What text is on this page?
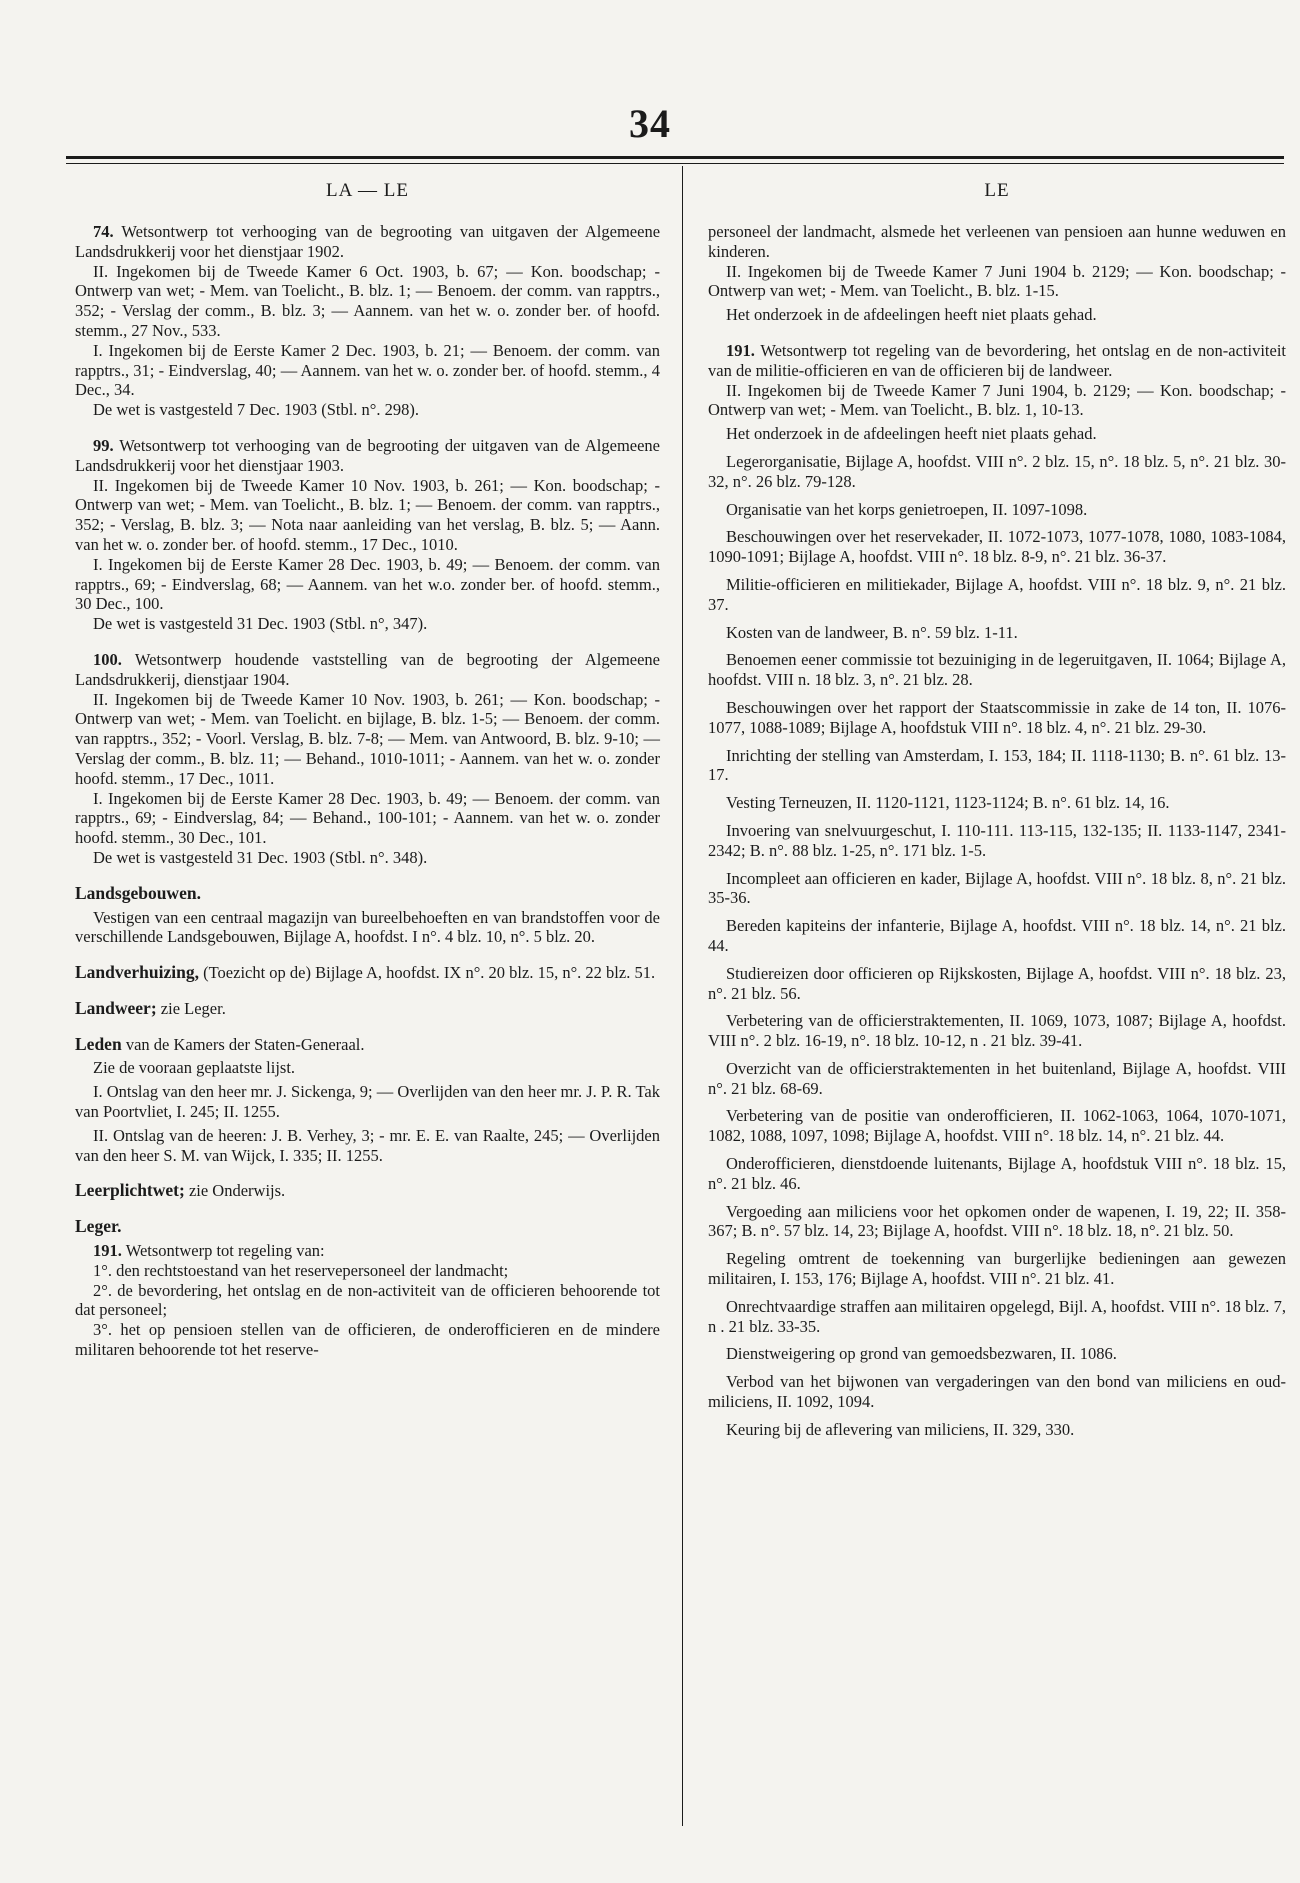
34
LA — LE

74. Wetsontwerp tot verhooging van de begrooting van uitgaven der Algemeene Landsdrukkerij voor het dienstjaar 1902.

II. Ingekomen bij de Tweede Kamer 6 Oct. 1903, b. 67; — Kon. boodschap; - Ontwerp van wet; - Mem. van Toelicht., B. blz. 1; — Benoem. der comm. van rapptrs., 352; - Verslag der comm., B. blz. 3; — Aannem. van het w. o. zonder ber. of hoofd. stemm., 27 Nov., 533.

I. Ingekomen bij de Eerste Kamer 2 Dec. 1903, b. 21; — Benoem. der comm. van rapptrs., 31; - Eindverslag, 40; — Aannem. van het w. o. zonder ber. of hoofd. stemm., 4 Dec., 34.

De wet is vastgesteld 7 Dec. 1903 (Stbl. n°. 298).

99. Wetsontwerp tot verhooging van de begrooting der uitgaven van de Algemeene Landsdrukkerij voor het dienstjaar 1903.

II. Ingekomen bij de Tweede Kamer 10 Nov. 1903, b. 261; — Kon. boodschap; - Ontwerp van wet; - Mem. van Toelicht., B. blz. 1; — Benoem. der comm. van rapptrs., 352; - Verslag, B. blz. 3; — Nota naar aanleiding van het verslag, B. blz. 5; — Aann. van het w. o. zonder ber. of hoofd. stemm., 17 Dec., 1010.

I. Ingekomen bij de Eerste Kamer 28 Dec. 1903, b. 49; — Benoem. der comm. van rapptrs., 69; - Eindverslag, 68; — Aannem. van het w.o. zonder ber. of hoofd. stemm., 30 Dec., 100.

De wet is vastgesteld 31 Dec. 1903 (Stbl. n°, 347).

100. Wetsontwerp houdende vaststelling van de begrooting der Algemeene Landsdrukkerij, dienstjaar 1904.

II. Ingekomen bij de Tweede Kamer 10 Nov. 1903, b. 261; — Kon. boodschap; - Ontwerp van wet; - Mem. van Toelicht. en bijlage, B. blz. 1-5; — Benoem. der comm. van rapptrs., 352; - Voorl. Verslag, B. blz. 7-8; — Mem. van Antwoord, B. blz. 9-10; — Verslag der comm., B. blz. 11; — Behand., 1010-1011; - Aannem. van het w. o. zonder hoofd. stemm., 17 Dec., 1011.

I. Ingekomen bij de Eerste Kamer 28 Dec. 1903, b. 49; — Benoem. der comm. van rapptrs., 69; - Eindverslag, 84; — Behand., 100-101; - Aannem. van het w. o. zonder hoofd. stemm., 30 Dec., 101.

De wet is vastgesteld 31 Dec. 1903 (Stbl. n°. 348).

Landsgebouwen.

Vestigen van een centraal magazijn van bureelbehoeften en van brandstoffen voor de verschillende Landsgebouwen, Bijlage A, hoofdst. I n°. 4 blz. 10, n°. 5 blz. 20.

Landverhuizing, (Toezicht op de) Bijlage A, hoofdst. IX n°. 20 blz. 15, n°. 22 blz. 51.

Landweer; zie Leger.

Leden van de Kamers der Staten-Generaal.

Zie de vooraan geplaatste lijst.

I. Ontslag van den heer mr. J. Sickenga, 9; — Overlijden van den heer mr. J. P. R. Tak van Poortvliet, I. 245; II. 1255.

II. Ontslag van de heeren: J. B. Verhey, 3; - mr. E. E. van Raalte, 245; — Overlijden van den heer S. M. van Wijck, I. 335; II. 1255.

Leerplichtwet; zie Onderwijs.

Leger.

191. Wetsontwerp tot regeling van:

1°. den rechtstoestand van het reservepersoneel der landmacht;

2°. de bevordering, het ontslag en de non-activiteit van de officieren behoorende tot dat personeel;

3°. het op pensioen stellen van de officieren, de onderofficieren en de mindere militaren behoorende tot het reserve-

LE

personeel der landmacht, alsmede het verleenen van pensioen aan hunne weduwen en kinderen.

II. Ingekomen bij de Tweede Kamer 7 Juni 1904 b. 2129; — Kon. boodschap; - Ontwerp van wet; - Mem. van Toelicht., B. blz. 1-15.

Het onderzoek in de afdeelingen heeft niet plaats gehad.

191. Wetsontwerp tot regeling van de bevordering, het ontslag en de non-activiteit van de militie-officieren en van de officieren bij de landweer.

II. Ingekomen bij de Tweede Kamer 7 Juni 1904, b. 2129; — Kon. boodschap; - Ontwerp van wet; - Mem. van Toelicht., B. blz. 1, 10-13.

Het onderzoek in de afdeelingen heeft niet plaats gehad.

Legerorganisatie, Bijlage A, hoofdst. VIII n°. 2 blz. 15, n°. 18 blz. 5, n°. 21 blz. 30-32, n°. 26 blz. 79-128.

Organisatie van het korps genietroepen, II. 1097-1098.

Beschouwingen over het reservekader, II. 1072-1073, 1077-1078, 1080, 1083-1084, 1090-1091; Bijlage A, hoofdst. VIII n°. 18 blz. 8-9, n°. 21 blz. 36-37.

Militie-officieren en militiekader, Bijlage A, hoofdst. VIII n°. 18 blz. 9, n°. 21 blz. 37.

Kosten van de landweer, B. n°. 59 blz. 1-11.

Benoemen eener commissie tot bezuiniging in de legeruitgaven, II. 1064; Bijlage A, hoofdst. VIII n. 18 blz. 3, n°. 21 blz. 28.

Beschouwingen over het rapport der Staatscommissie in zake de 14 ton, II. 1076-1077, 1088-1089; Bijlage A, hoofdstuk VIII n°. 18 blz. 4, n°. 21 blz. 29-30.

Inrichting der stelling van Amsterdam, I. 153, 184; II. 1118-1130; B. n°. 61 blz. 13-17.

Vesting Terneuzen, II. 1120-1121, 1123-1124; B. n°. 61 blz. 14, 16.

Invoering van snelvuurgeschut, I. 110-111. 113-115, 132-135; II. 1133-1147, 2341-2342; B. n°. 88 blz. 1-25, n°. 171 blz. 1-5.

Incompleet aan officieren en kader, Bijlage A, hoofdst. VIII n°. 18 blz. 8, n°. 21 blz. 35-36.

Bereden kapiteins der infanterie, Bijlage A, hoofdst. VIII n°. 18 blz. 14, n°. 21 blz. 44.

Studiereizen door officieren op Rijkskosten, Bijlage A, hoofdst. VIII n°. 18 blz. 23, n°. 21 blz. 56.

Verbetering van de officierstraktementen, II. 1069, 1073, 1087; Bijlage A, hoofdst. VIII n°. 2 blz. 16-19, n°. 18 blz. 10-12, n . 21 blz. 39-41.

Overzicht van de officierstraktementen in het buitenland, Bijlage A, hoofdst. VIII n°. 21 blz. 68-69.

Verbetering van de positie van onderofficieren, II. 1062-1063, 1064, 1070-1071, 1082, 1088, 1097, 1098; Bijlage A, hoofdst. VIII n°. 18 blz. 14, n°. 21 blz. 44.

Onderofficieren, dienstdoende luitenants, Bijlage A, hoofdstuk VIII n°. 18 blz. 15, n°. 21 blz. 46.

Vergoeding aan miliciens voor het opkomen onder de wapenen, I. 19, 22; II. 358-367; B. n°. 57 blz. 14, 23; Bijlage A, hoofdst. VIII n°. 18 blz. 18, n°. 21 blz. 50.

Regeling omtrent de toekenning van burgerlijke bedieningen aan gewezen militairen, I. 153, 176; Bijlage A, hoofdst. VIII n°. 21 blz. 41.

Onrechtvaardige straffen aan militairen opgelegd, Bijl. A, hoofdst. VIII n°. 18 blz. 7, n . 21 blz. 33-35.

Dienstweigering op grond van gemoedsbezwaren, II. 1086.

Verbod van het bijwonen van vergaderingen van den bond van miliciens en oud-miliciens, II. 1092, 1094.

Keuring bij de aflevering van miliciens, II. 329, 330.
